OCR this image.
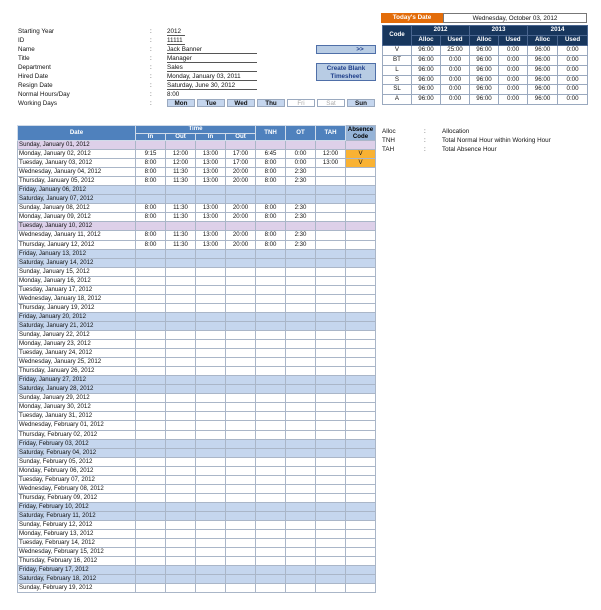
Starting Year	: 2012
ID	: 11111
Name	: Jack Banner	>>
Title	: Manager
Department	: Sales	Create Blank
Timesheet
Hired Date	: Monday, January 03, 2011
Resign Date	: Saturday, June 30, 2012
Normal Hours/Day	: 8:00
Working Days	:	Mon	Tue	Wed	Thu	Fri	Sat	Sun
Today's Date	Wednesday, October 03, 2012
Code	2012		2013		2014	
	Alloc	Used	Alloc	Used	Alloc	Used
V	96:00	25:00	96:00	0:00	96:00	0:00
BT	96:00	0:00	96:00	0:00	96:00	0:00
L	96:00	0:00	96:00	0:00	96:00	0:00
S	96:00	0:00	96:00	0:00	96:00	0:00
SL	96:00	0:00	96:00	0:00	96:00	0:00
A	96:00	0:00	96:00	0:00	96:00	0:00
Alloc	:	Allocation
TNH	:	Total Normal Hour within Working Hour
TAH	:	Total Absence Hour
Date	Time				TNH	OT	TAH	Absence
Code

	In	Out	In	Out				
Sunday, January 01, 2012								
Monday, January 02, 2012	9:15	12:00	13:00	17:00	6:45	0:00	12:00	V
Tuesday, January 03, 2012	8:00	12:00	13:00	17:00	8:00	0:00	13:00	V
Wednesday, January 04, 2012	8:00	11:30	13:00	20:00	8:00	2:30		
Thursday, January 05, 2012	8:00	11:30	13:00	20:00	8:00	2:30		
Friday, January 06, 2012								
Saturday, January 07, 2012								
Sunday, January 08, 2012	8:00	11:30	13:00	20:00	8:00	2:30		
Monday, January 09, 2012	8:00	11:30	13:00	20:00	8:00	2:30		
Tuesday, January 10, 2012								
Wednesday, January 11, 2012	8:00	11:30	13:00	20:00	8:00	2:30		
Thursday, January 12, 2012	8:00	11:30	13:00	20:00	8:00	2:30		
Friday, January 13, 2012								
Saturday, January 14, 2012								
Sunday, January 15, 2012								
Monday, January 16, 2012								
Tuesday, January 17, 2012								
Wednesday, January 18, 2012								
Thursday, January 19, 2012								
Friday, January 20, 2012								
Saturday, January 21, 2012								
Sunday, January 22, 2012								
Monday, January 23, 2012								
Tuesday, January 24, 2012								
Wednesday, January 25, 2012								
Thursday, January 26, 2012								
Friday, January 27, 2012								
Saturday, January 28, 2012								
Sunday, January 29, 2012								
Monday, January 30, 2012								
Tuesday, January 31, 2012								
Wednesday, February 01, 2012								
Thursday, February 02, 2012								
Friday, February 03, 2012								
Saturday, February 04, 2012								
Sunday, February 05, 2012								
Monday, February 06, 2012								
Tuesday, February 07, 2012								
Wednesday, February 08, 2012								
Thursday, February 09, 2012								
Friday, February 10, 2012								
Saturday, February 11, 2012								
Sunday, February 12, 2012								
Monday, February 13, 2012								
Tuesday, February 14, 2012								
Wednesday, February 15, 2012								
Thursday, February 16, 2012								
Friday, February 17, 2012								
Saturday, February 18, 2012								
Sunday, February 19, 2012								
